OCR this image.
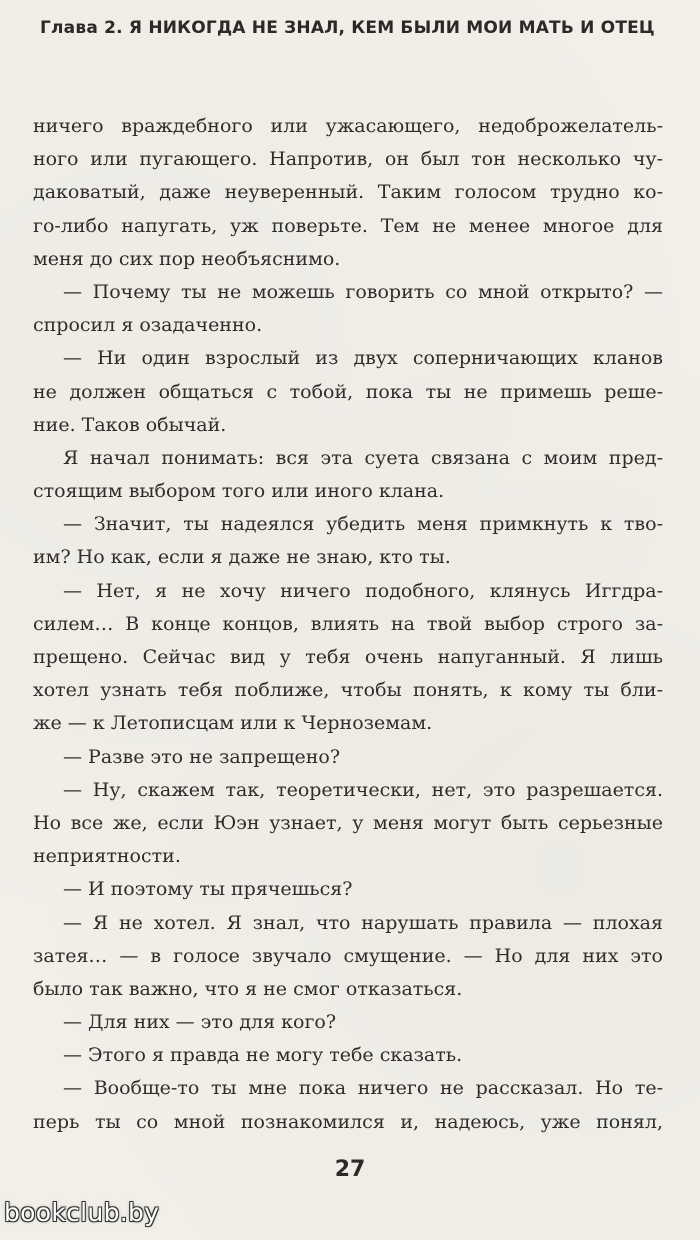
Глава 2. Я НИКОГДА НЕ ЗНАЛ, КЕМ БЫЛИ МОИ МАТЬ И ОТЕЦ
ничего враждебного или ужасающего, недоброжелатель-
ного или пугающего. Напротив, он был тон несколько чу-
даковатый, даже неуверенный. Таким голосом трудно ко-
го-либо напугать, уж поверьте. Тем не менее многое для
меня до сих пор необъяснимо.
— Почему ты не можешь говорить со мной открыто? —
спросил я озадаченно.
— Ни один взрослый из двух соперничающих кланов
не должен общаться с тобой, пока ты не примешь реше-
ние. Таков обычай.
Я начал понимать: вся эта суета связана с моим пред-
стоящим выбором того или иного клана.
— Значит, ты надеялся убедить меня примкнуть к тво-
им? Но как, если я даже не знаю, кто ты.
— Нет, я не хочу ничего подобного, клянусь Иггдра-
силем… В конце концов, влиять на твой выбор строго за-
прещено. Сейчас вид у тебя очень напуганный. Я лишь
хотел узнать тебя поближе, чтобы понять, к кому ты бли-
же — к Летописцам или к Черноземам.
— Разве это не запрещено?
— Ну, скажем так, теоретически, нет, это разрешается.
Но все же, если Юэн узнает, у меня могут быть серьезные
неприятности.
— И поэтому ты прячешься?
— Я не хотел. Я знал, что нарушать правила — плохая
затея… — в голосе звучало смущение. — Но для них это
было так важно, что я не смог отказаться.
— Для них — это для кого?
— Этого я правда не могу тебе сказать.
— Вообще-то ты мне пока ничего не рассказал. Но те-
перь ты со мной познакомился и, надеюсь, уже понял,
27
bookclub.by
